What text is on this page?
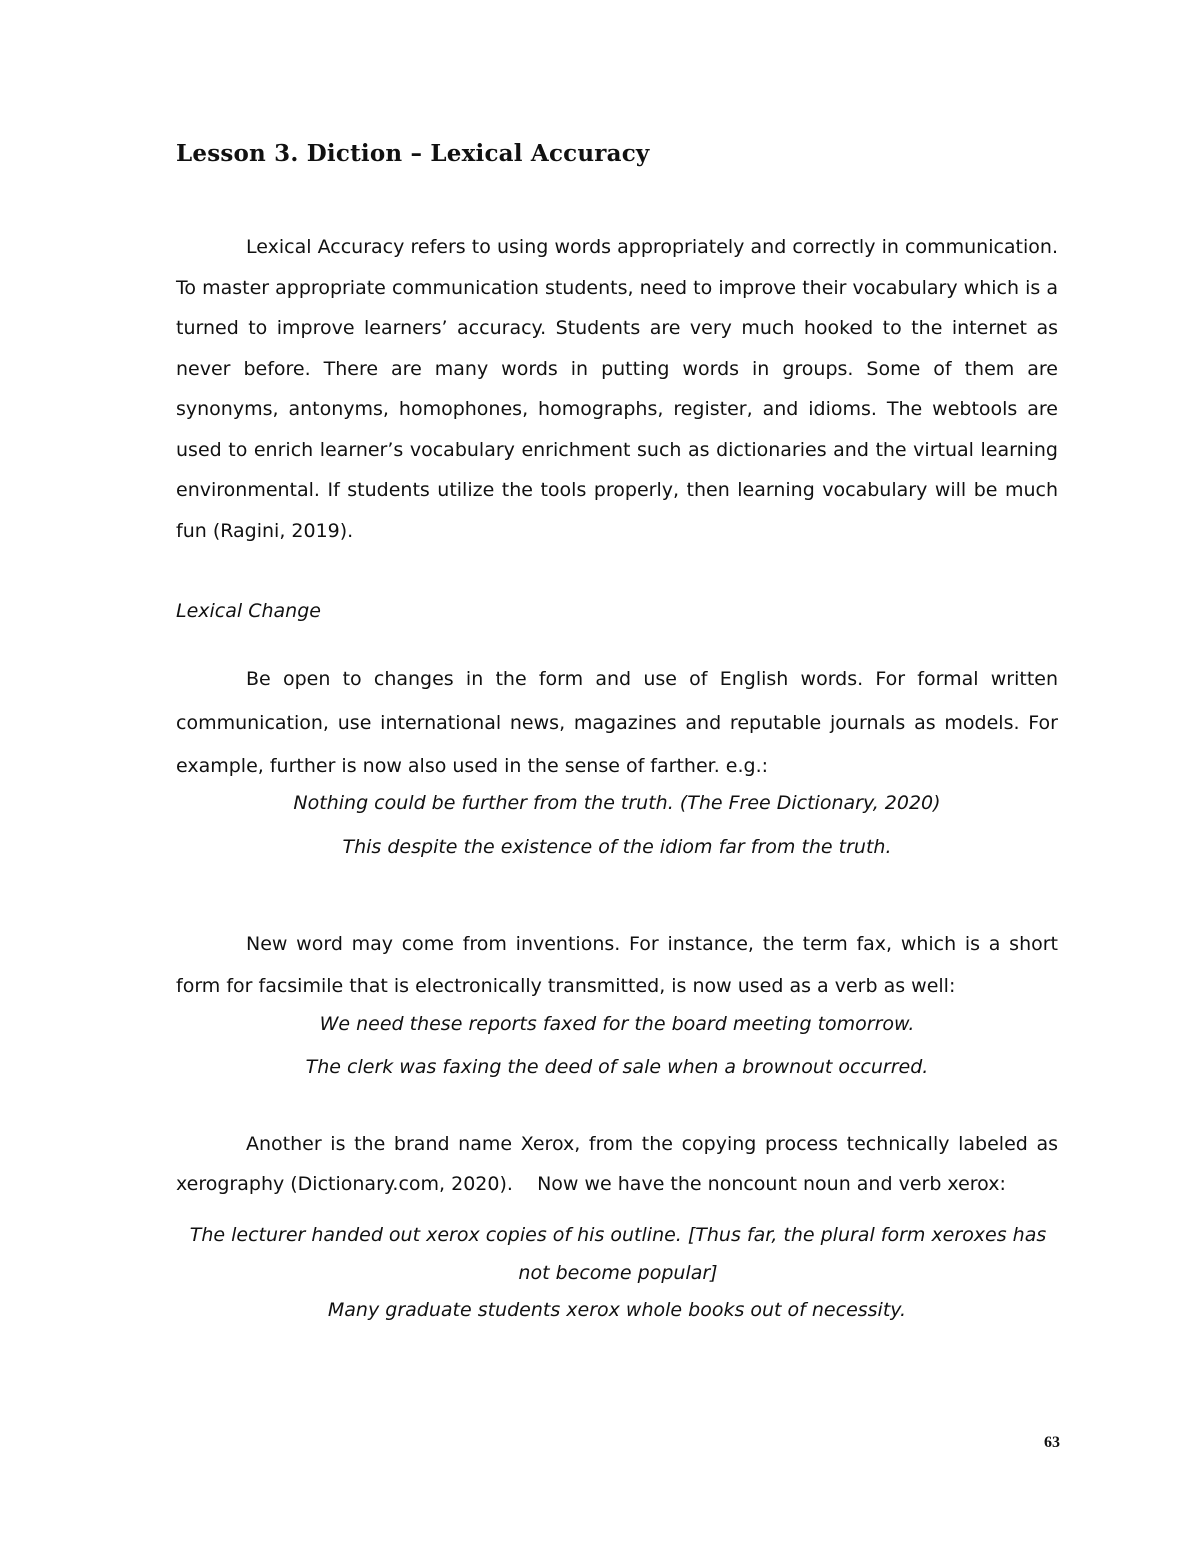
Lesson 3. Diction – Lexical Accuracy

Lexical Accuracy refers to using words appropriately and correctly in communication. To master appropriate communication students, need to improve their vocabulary which is a turned to improve learners’ accuracy. Students are very much hooked to the internet as never before. There are many words in putting words in groups. Some of them are synonyms, antonyms, homophones, homographs, register, and idioms. The webtools are used to enrich learner’s vocabulary enrichment such as dictionaries and the virtual learning environmental. If students utilize the tools properly, then learning vocabulary will be much fun (Ragini, 2019).

Lexical Change

Be open to changes in the form and use of English words. For formal written communication, use international news, magazines and reputable journals as models. For example, further is now also used in the sense of farther. e.g.:

Nothing could be further from the truth. (The Free Dictionary, 2020)
This despite the existence of the idiom far from the truth.

New word may come from inventions. For instance, the term fax, which is a short form for facsimile that is electronically transmitted, is now used as a verb as well:

We need these reports faxed for the board meeting tomorrow.
The clerk was faxing the deed of sale when a brownout occurred.

Another is the brand name Xerox, from the copying process technically labeled as xerography (Dictionary.com, 2020).    Now we have the noncount noun and verb xerox:

The lecturer handed out xerox copies of his outline. [Thus far, the plural form xeroxes has not become popular]
Many graduate students xerox whole books out of necessity.
63
